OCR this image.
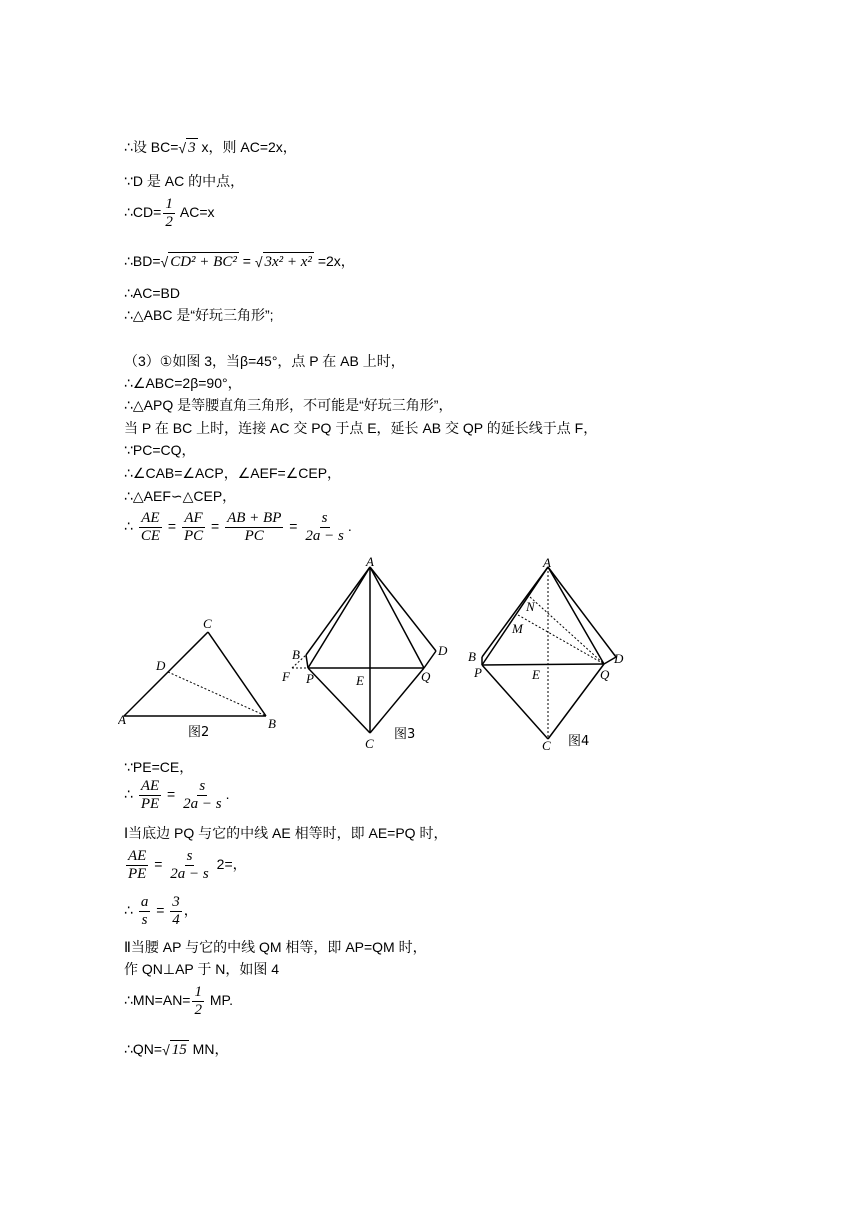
∴设 BC=√ 3 x，则 AC=2x，
∵D 是 AC 的中点，
∴CD= $\frac{1}{2} AC=x$
∴BD=√ CD² + BC² = √ 3x² + x² =2x，
∴AC=BD
∴△ABC 是“好玩三角形”;
（3）①如图 3，当β=45°，点 P 在 AB 上时，
∴∠ABC=2β=90°，
∴△APQ 是等腰直角三角形，不可能是“好玩三角形”，
当 P 在 BC 上时，连接 AC 交 PQ 于点 E，延长 AB 交 QP 的延长线于点 F，
∵PC=CQ，
∴∠CAB=∠ACP，∠AEF=∠CEP，
∴△AEF∽△CEP，
∴ $\frac{AE}{CE} = \frac{AF}{PC} = \frac{AB + BP}{PC} = \frac{s}{2a - s}$ .
A	B
C
D
图2
A
B
F P	E	Q
D
C
图3
A
N
M
B
P	E	Q
D
C 图4
∵PE=CE，
∴ $\frac{AE}{PE} = \frac{s}{2a - s}$ .
Ⅰ当底边 PQ 与它的中线 AE 相等时，即 AE=PQ 时，
$\frac{AE}{PE} = \frac{s}{2a - s} 2=$，
∴ $\frac{a}{s} = \frac{3}{4}$ ，
Ⅱ当腰 AP 与它的中线 QM 相等，即 AP=QM 时，
作 QN⊥AP 于 N，如图 4
∴MN=AN= $\frac{1}{2}$ MP.
∴QN=√ 15 MN，
